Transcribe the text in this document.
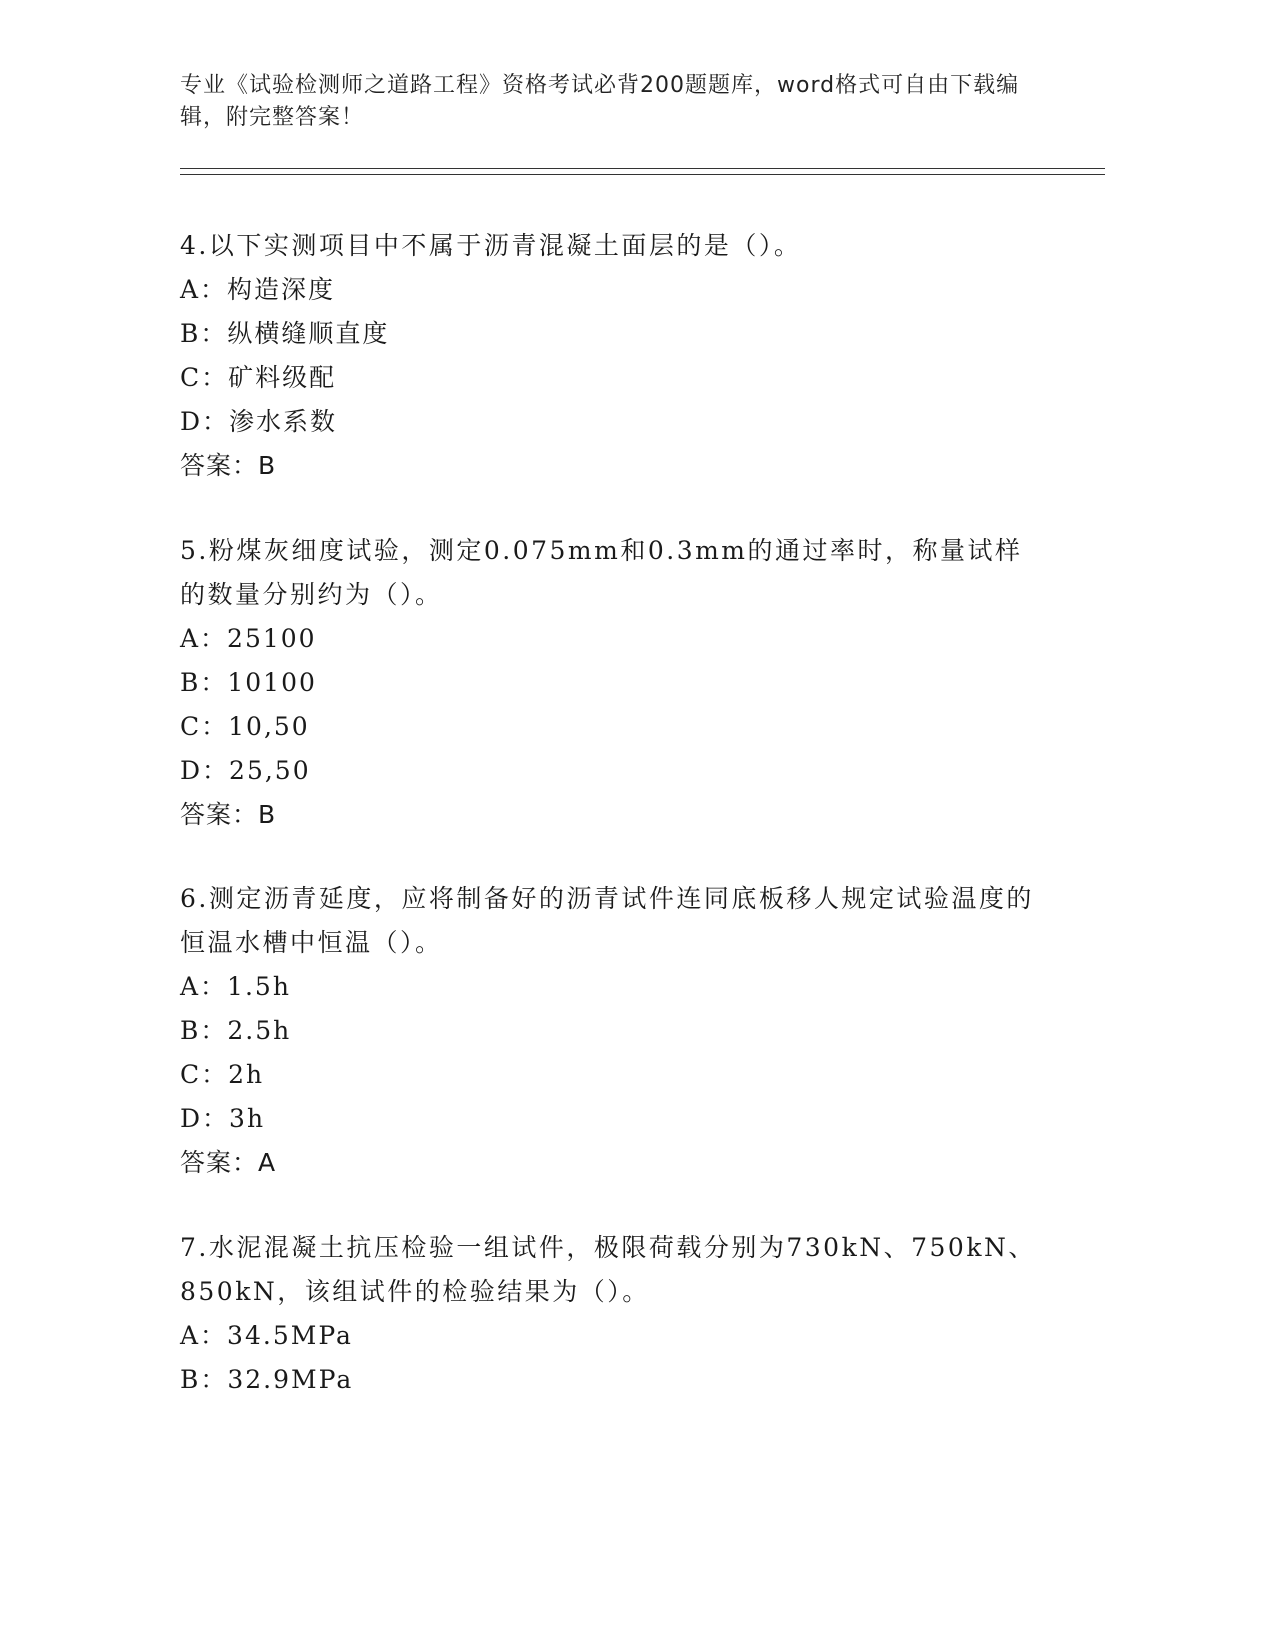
专业《试验检测师之道路工程》资格考试必背200题题库，word格式可自由下载编辑，附完整答案！

4.以下实测项目中不属于沥青混凝土面层的是（）。

A：构造深度
B：纵横缝顺直度
C：矿料级配
D：渗水系数
答案：B

5.粉煤灰细度试验，测定0.075mm和0.3mm的通过率时，称量试样的数量分别约为（）。

A：25100
B：10100
C：10,50
D：25,50
答案：B

6.测定沥青延度，应将制备好的沥青试件连同底板移人规定试验温度的恒温水槽中恒温（）。

A：1.5h
B：2.5h
C：2h
D：3h
答案：A

7.水泥混凝土抗压检验一组试件，极限荷载分别为730kN、750kN、850kN，该组试件的检验结果为（）。

A：34.5MPa
B：32.9MPa
